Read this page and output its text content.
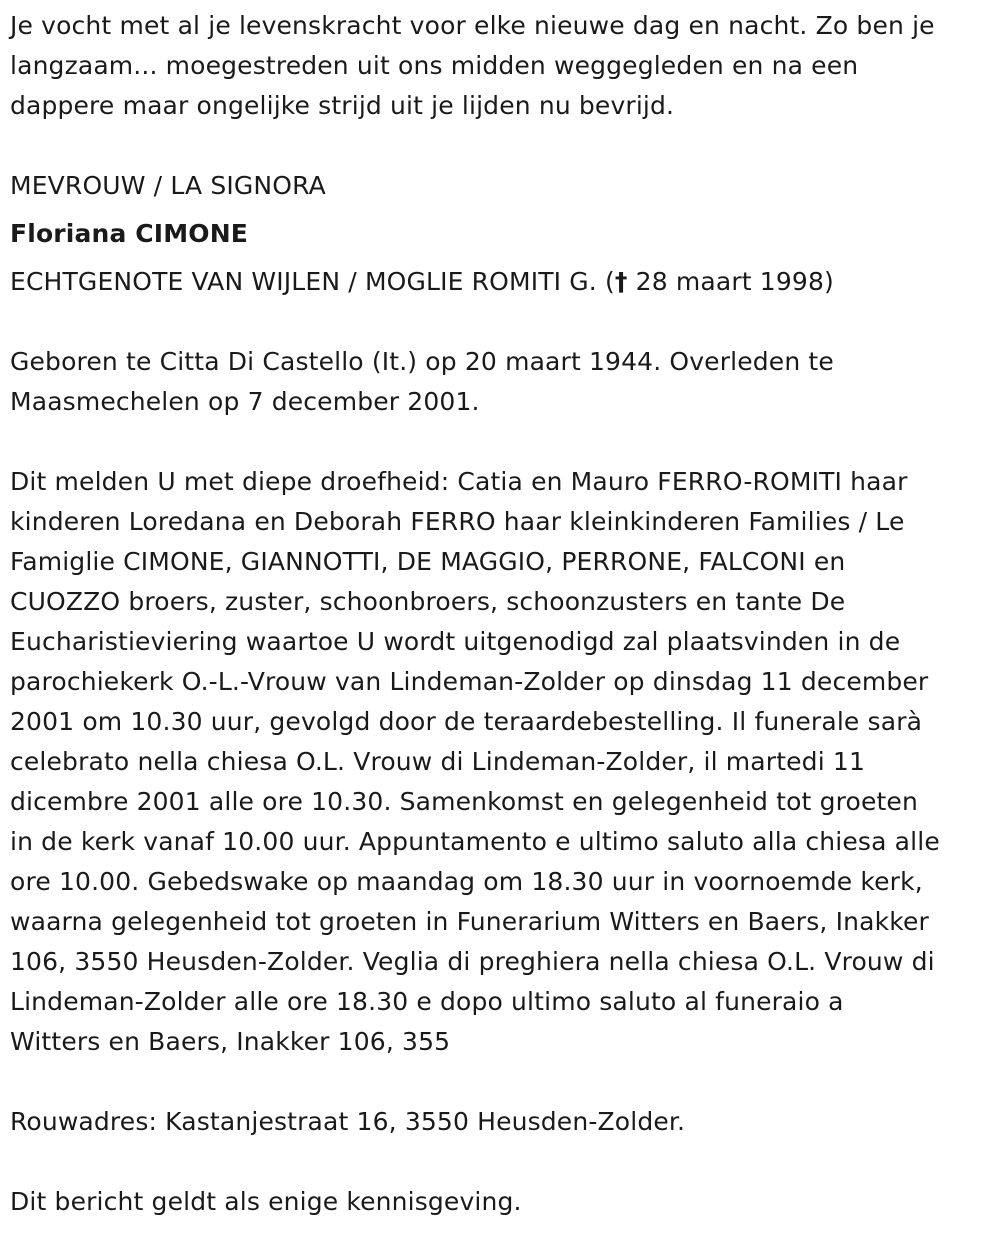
Je vocht met al je levenskracht voor elke nieuwe dag en nacht. Zo ben je
langzaam... moegestreden uit ons midden weggegleden en na een
dappere maar ongelijke strijd uit je lijden nu bevrijd.

MEVROUW / LA SIGNORA

Floriana CIMONE

ECHTGENOTE VAN WIJLEN / MOGLIE ROMITI G. († 28 maart 1998)

Geboren te Citta Di Castello (It.) op 20 maart 1944. Overleden te
Maasmechelen op 7 december 2001.

Dit melden U met diepe droefheid: Catia en Mauro FERRO-ROMITI haar
kinderen Loredana en Deborah FERRO haar kleinkinderen Families / Le
Famiglie CIMONE, GIANNOTTI, DE MAGGIO, PERRONE, FALCONI en
CUOZZO broers, zuster, schoonbroers, schoonzusters en tante De
Eucharistieviering waartoe U wordt uitgenodigd zal plaatsvinden in de
parochiekerk O.-L.-Vrouw van Lindeman-Zolder op dinsdag 11 december
2001 om 10.30 uur, gevolgd door de teraardebestelling. Il funerale sarà
celebrato nella chiesa O.L. Vrouw di Lindeman-Zolder, il martedi 11
dicembre 2001 alle ore 10.30. Samenkomst en gelegenheid tot groeten
in de kerk vanaf 10.00 uur. Appuntamento e ultimo saluto alla chiesa alle
ore 10.00. Gebedswake op maandag om 18.30 uur in voornoemde kerk,
waarna gelegenheid tot groeten in Funerarium Witters en Baers, Inakker
106, 3550 Heusden-Zolder. Veglia di preghiera nella chiesa O.L. Vrouw di
Lindeman-Zolder alle ore 18.30 e dopo ultimo saluto al funeraio a
Witters en Baers, Inakker 106, 355

Rouwadres: Kastanjestraat 16, 3550 Heusden-Zolder.

Dit bericht geldt als enige kennisgeving.
